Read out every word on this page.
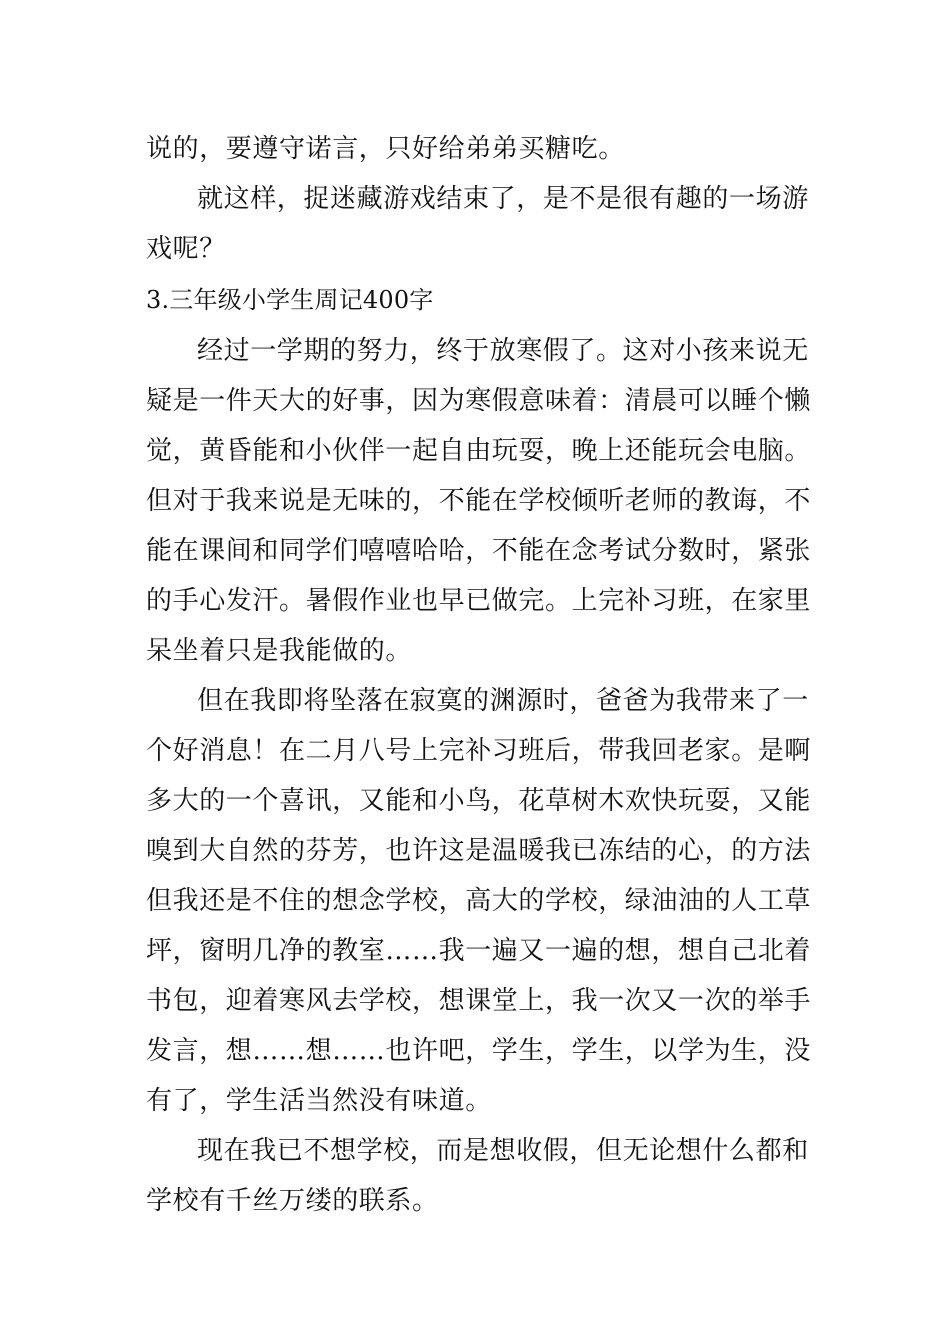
说的，要遵守诺言，只好给弟弟买糖吃。

就这样，捉迷藏游戏结束了，是不是很有趣的一场游

戏呢？

3.三年级小学生周记400字

经过一学期的努力，终于放寒假了。这对小孩来说无

疑是一件天大的好事，因为寒假意味着：清晨可以睡个懒

觉，黄昏能和小伙伴一起自由玩耍，晚上还能玩会电脑。

但对于我来说是无味的，不能在学校倾听老师的教诲，不

能在课间和同学们嘻嘻哈哈，不能在念考试分数时，紧张

的手心发汗。暑假作业也早已做完。上完补习班，在家里

呆坐着只是我能做的。

但在我即将坠落在寂寞的渊源时，爸爸为我带来了一

个好消息！在二月八号上完补习班后，带我回老家。是啊

多大的一个喜讯，又能和小鸟，花草树木欢快玩耍，又能

嗅到大自然的芬芳，也许这是温暖我已冻结的心，的方法

但我还是不住的想念学校，高大的学校，绿油油的人工草

坪，窗明几净的教室……我一遍又一遍的想，想自己北着

书包，迎着寒风去学校，想课堂上，我一次又一次的举手

发言，想……想……也许吧，学生，学生，以学为生，没

有了，学生活当然没有味道。

现在我已不想学校，而是想收假，但无论想什么都和

学校有千丝万缕的联系。
